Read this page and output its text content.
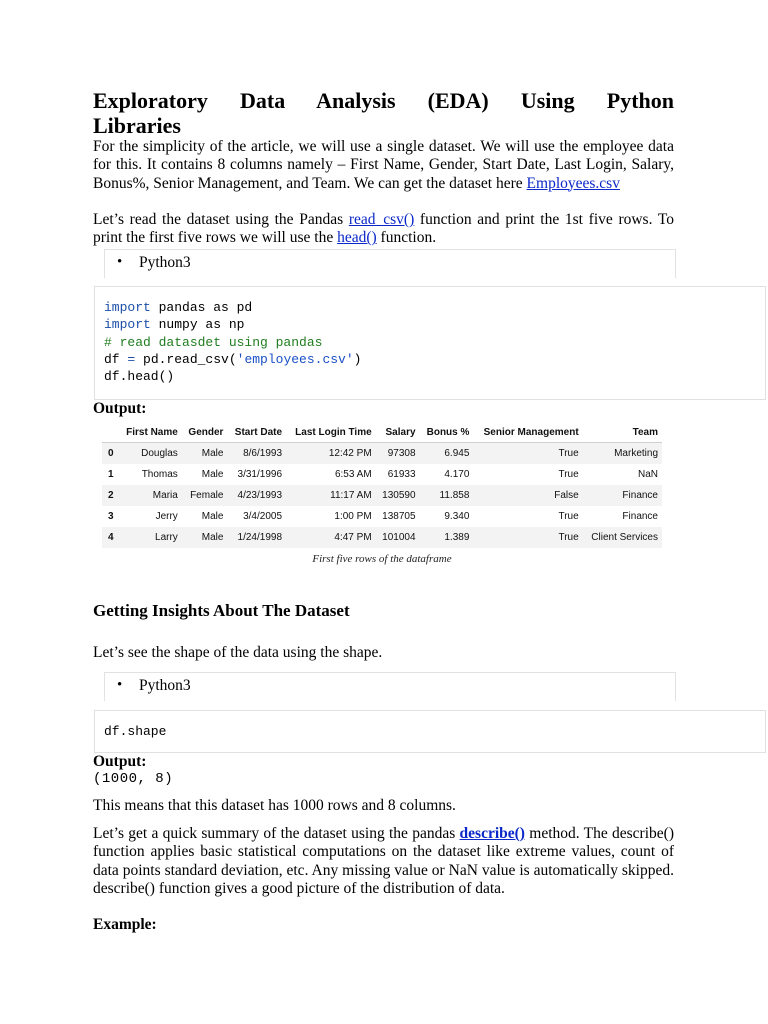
Exploratory Data Analysis (EDA) Using Python
Libraries

For the simplicity of the article, we will use a single dataset. We will use the employee data for this. It contains 8 columns namely – First Name, Gender, Start Date, Last Login, Salary, Bonus%, Senior Management, and Team. We can get the dataset here Employees.csv

Let’s read the dataset using the Pandas read_csv() function and print the 1st five rows. To print the first five rows we will use the head() function.

• Python3
import pandas as pd
import numpy as np
# read datasdet using pandas
df = pd.read_csv('employees.csv')
df.head()

Output:

	First Name	Gender	Start Date	Last Login Time	Salary	Bonus %	Senior Management	Team
0	Douglas	Male	8/6/1993	12:42 PM	97308	6.945	True	Marketing
1	Thomas	Male	3/31/1996	6:53 AM	61933	4.170	True	NaN
2	Maria	Female	4/23/1993	11:17 AM	130590	11.858	False	Finance
3	Jerry	Male	3/4/2005	1:00 PM	138705	9.340	True	Finance
4	Larry	Male	1/24/1998	4:47 PM	101004	1.389	True	Client Services
First five rows of the dataframe
Getting Insights About The Dataset

Let’s see the shape of the data using the shape.

• Python3
df.shape

Output:

(1000, 8)

This means that this dataset has 1000 rows and 8 columns.

Let’s get a quick summary of the dataset using the pandas describe() method. The describe() function applies basic statistical computations on the dataset like extreme values, count of data points standard deviation, etc. Any missing value or NaN value is automatically skipped. describe() function gives a good picture of the distribution of data.

Example:
